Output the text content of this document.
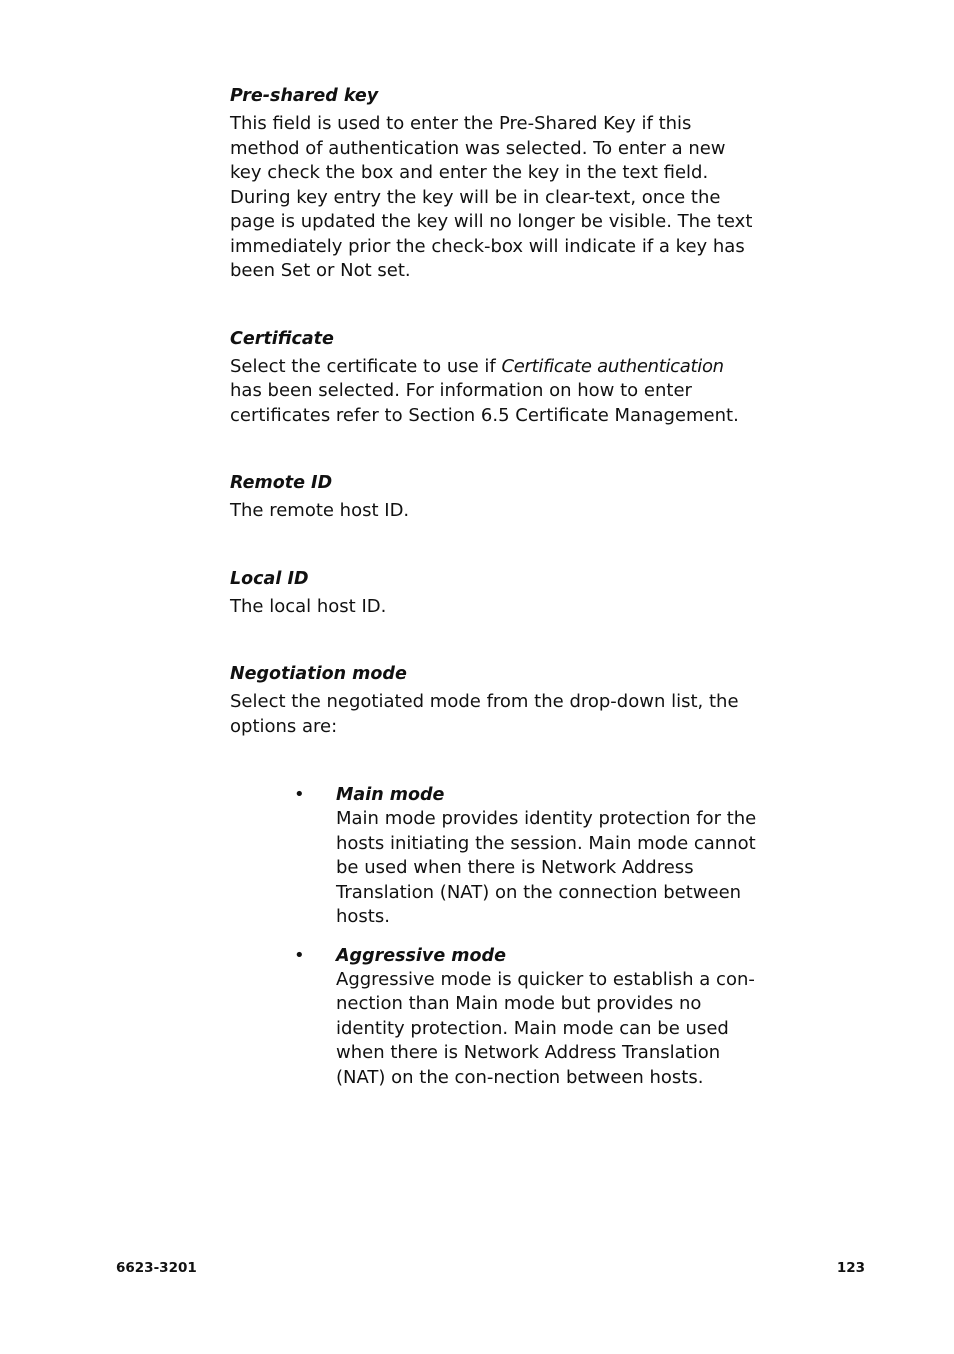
Pre-shared key

This field is used to enter the Pre-Shared Key if this method of authentication was selected. To enter a new key check the box and enter the key in the text field. During key entry the key will be in clear-text, once the page is updated the key will no longer be visible. The text immediately prior the check-box will indicate if a key has been Set or Not set.

Certificate

Select the certificate to use if Certificate authentication has been selected. For information on how to enter certificates refer to Section 6.5 Certificate Management.

Remote ID

The remote host ID.

Local ID

The local host ID.

Negotiation mode

Select the negotiated mode from the drop-down list, the options are:

• Main mode

Main mode provides identity protection for the hosts initiating the session. Main mode cannot be used when there is Network Address Translation (NAT) on the connection between hosts.

• Aggressive mode

Aggressive mode is quicker to establish a con-nection than Main mode but provides no identity protection. Main mode can be used when there is Network Address Translation (NAT) on the con-nection between hosts.

6623-3201	123
